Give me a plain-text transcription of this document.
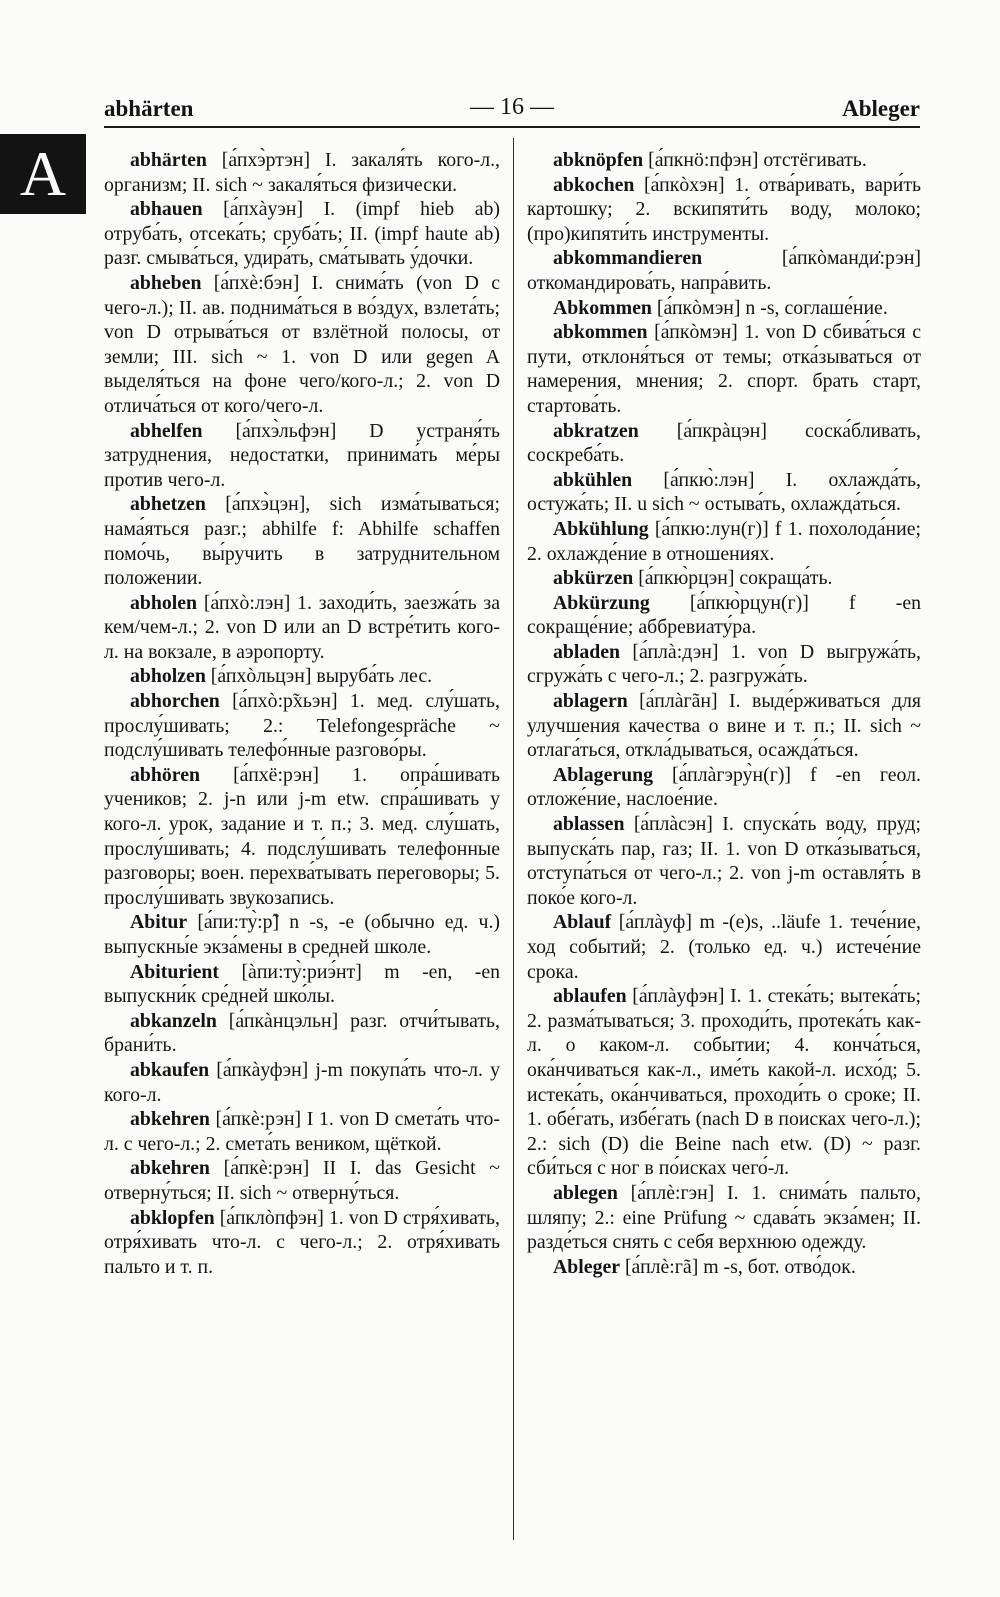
A
— 16 —
abhärten	Ableger

abhärten [а́пхэ̀ртэн] I. закаля́ть кого-л., организм; II. sich ~ закаля́ться физически.

abhauen [а́пхàуэн] I. (impf hieb ab) отруба́ть, отсека́ть; сруба́ть; II. (impf haute ab) разг. смыва́ться, удира́ть, сма́тывать у́дочки.

abheben [а́пхè:бэн] I. снима́ть (von D с чего-л.); II. ав. поднима́ться в во́здух, взлета́ть; von D отрыва́ться от взлётной полосы, от земли; III. sich ~ 1. von D или gegen A выделя́ться на фоне чего/кого-л.; 2. von D отлича́ться от кого/чего-л.

abhelfen [а́пхэ̀льфэн] D устраня́ть затруднения, недостатки, принима́ть ме́ры против чего-л.

abhetzen [а́пхэ̀цэн], sich изма́тываться; нама́яться разг.; abhilfe f: Abhilfe schaffen помо́чь, вы́ручить в затруднительном положении.

abholen [а́пхò:лэн] 1. заходи́ть, заезжа́ть за кем/чем-л.; 2. von D или an D встре́тить кого-л. на вокзале, в аэропорту.

abholzen [а́пхòльцэн] выруба́ть лес.

abhorchen [а́пхò:р̃хьэн] 1. мед. слу́шать, прослу́шивать; 2.: Telefongespräche ~ подслу́шивать телефо́нные разгово́ры.

abhören [а́пхё:рэн] 1. опра́шивать учеников; 2. j-n или j-m etw. спра́шивать у кого-л. урок, задание и т. п.; 3. мед. слу́шать, прослу́шивать; 4. подслу́шивать телефонные разговоры; воен. перехва́тывать переговоры; 5. прослу́шивать звукозапись.

Abitur [а́пи:ту̀:р̃] n -s, -e (обычно ед. ч.) выпускны́е экза́мены в средней школе.

Abiturient [àпи:ту̀:риэ́нт] m -en, -en выпускни́к сре́дней шко́лы.

abkanzeln [а́пкàнцэльн] разг. отчи́тывать, брани́ть.

abkaufen [а́пкàуфэн] j-m покупа́ть что-л. у кого-л.

abkehren [а́пкè:рэн] I 1. von D смета́ть что-л. с чего-л.; 2. смета́ть веником, щёткой.

abkehren [а́пкè:рэн] II I. das Gesicht ~ отверну́ться; II. sich ~ отверну́ться.

abklopfen [а́пклòпфэн] 1. von D стря́хивать, отря́хивать что-л. с чего-л.; 2. отря́хивать пальто и т. п.

abknöpfen [а́пкнö:пфэн] отстёгивать.

abkochen [а́пкòхэн] 1. отва́ривать, вари́ть картошку; 2. вскипяти́ть воду, молоко; (про)кипяти́ть инструменты.

abkommandieren [а́пкòманди̇:рэн] откомандирова́ть, напра́вить.

Abkommen [а́пкòмэн] n -s, соглаше́ние.

abkommen [а́пкòмэн] 1. von D сбива́ться с пути, отклоня́ться от темы; отка́зываться от намерения, мнения; 2. спорт. брать старт, стартова́ть.

abkratzen [а́пкрàцэн] соска́бливать, соскреба́ть.

abkühlen [а́пкю̀:лэн] I. охлажда́ть, остужа́ть; II. u sich ~ остыва́ть, охлажда́ться.

Abkühlung [а́пкю:лун(г)] f 1. похолода́ние; 2. охлажде́ние в отношениях.

abkürzen [а́пкю̀рцэн] сокраща́ть.

Abkürzung [а́пкю̀рцун(г)] f -en сокраще́ние; аббревиату́ра.

abladen [а́плà:дэн] 1. von D выгружа́ть, сгружа́ть с чего-л.; 2. разгружа́ть.

ablagern [а́плàгãн] I. выде́рживаться для улучшения качества о вине и т. п.; II. sich ~ отлага́ться, откла́дываться, осажда́ться.

Ablagerung [а́плàгэру̀н(г)] f -en геол. отложе́ние, наслое́ние.

ablassen [а́плàсэн] I. спуска́ть воду, пруд; выпуска́ть пар, газ; II. 1. von D отка́зываться, отступа́ться от чего-л.; 2. von j-m оставля́ть в поко́е кого-л.

Ablauf [а́плàуф] m -(e)s, ..läufe 1. тече́ние, ход событий; 2. (только ед. ч.) истече́ние срока.

ablaufen [а́плàуфэн] I. 1. стека́ть; вытека́ть; 2. разма́тываться; 3. проходи́ть, протека́ть как-л. о каком-л. событии; 4. конча́ться, ока́нчиваться как-л., име́ть какой-л. исхо́д; 5. истека́ть, ока́нчиваться, проходи́ть о сроке; II. 1. обе́гать, избе́гать (nach D в поисках чего-л.); 2.: sich (D) die Beine nach etw. (D) ~ разг. сби́ться с ног в по́исках чего́-л.

ablegen [а́плè:гэн] I. 1. снима́ть пальто, шляпу; 2.: eine Prüfung ~ сдава́ть экза́мен; II. разде́ться снять с себя верхнюю одежду.

Ableger [а́плè:гã] m -s, бот. отво́док.
